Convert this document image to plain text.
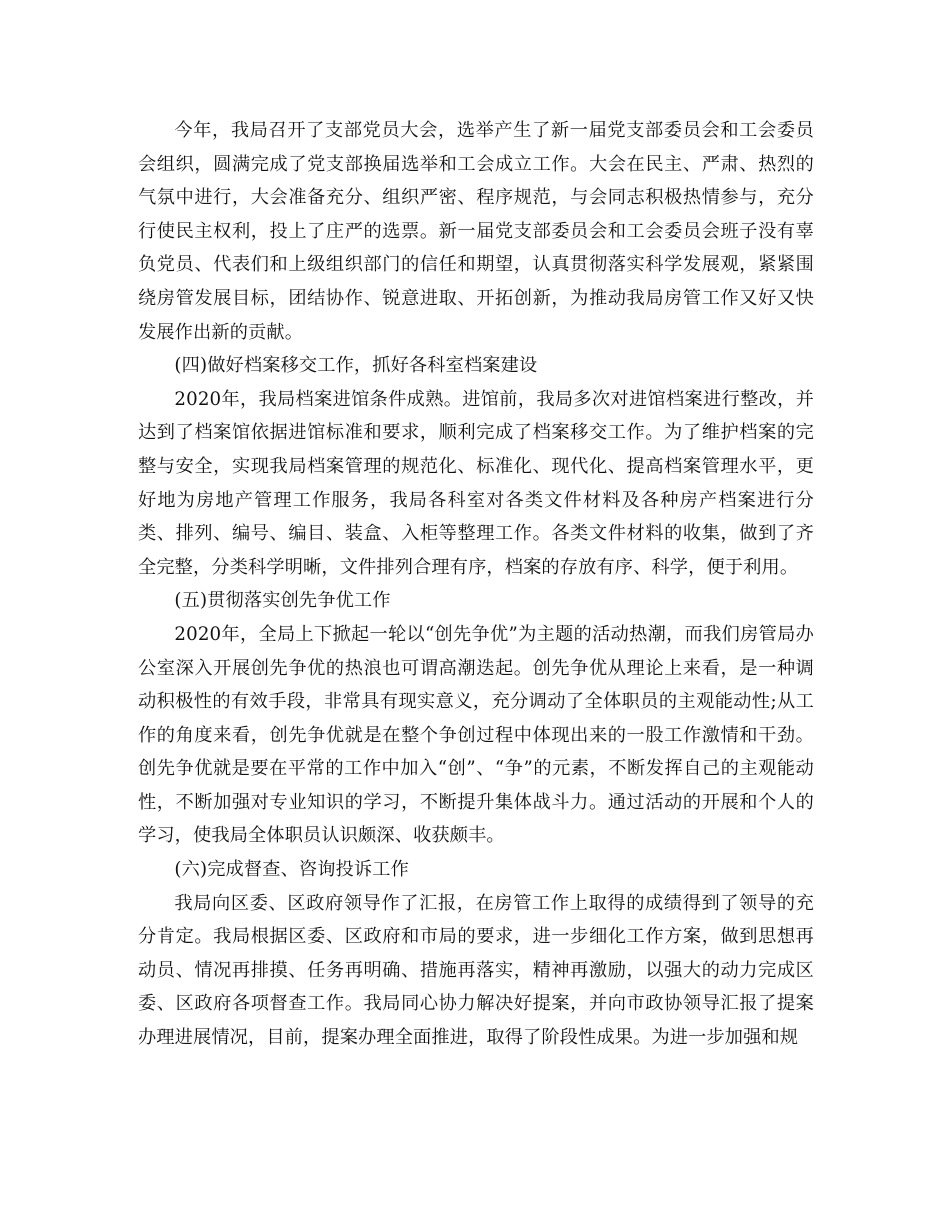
今年，我局召开了支部党员大会，选举产生了新一届党支部委员会和工会委员会组织，圆满完成了党支部换届选举和工会成立工作。大会在民主、严肃、热烈的气氛中进行，大会准备充分、组织严密、程序规范，与会同志积极热情参与，充分行使民主权利，投上了庄严的选票。新一届党支部委员会和工会委员会班子没有辜负党员、代表们和上级组织部门的信任和期望，认真贯彻落实科学发展观，紧紧围绕房管发展目标，团结协作、锐意进取、开拓创新，为推动我局房管工作又好又快发展作出新的贡献。

(四)做好档案移交工作，抓好各科室档案建设

2020年，我局档案进馆条件成熟。进馆前，我局多次对进馆档案进行整改，并达到了档案馆依据进馆标准和要求，顺利完成了档案移交工作。为了维护档案的完整与安全，实现我局档案管理的规范化、标准化、现代化、提高档案管理水平，更好地为房地产管理工作服务，我局各科室对各类文件材料及各种房产档案进行分类、排列、编号、编目、装盒、入柜等整理工作。各类文件材料的收集，做到了齐全完整，分类科学明晰，文件排列合理有序，档案的存放有序、科学，便于利用。

(五)贯彻落实创先争优工作

2020年，全局上下掀起一轮以“创先争优”为主题的活动热潮，而我们房管局办公室深入开展创先争优的热浪也可谓高潮迭起。创先争优从理论上来看，是一种调动积极性的有效手段，非常具有现实意义，充分调动了全体职员的主观能动性;从工作的角度来看，创先争优就是在整个争创过程中体现出来的一股工作激情和干劲。创先争优就是要在平常的工作中加入“创”、“争”的元素，不断发挥自己的主观能动性，不断加强对专业知识的学习，不断提升集体战斗力。通过活动的开展和个人的学习，使我局全体职员认识颇深、收获颇丰。

(六)完成督查、咨询投诉工作

我局向区委、区政府领导作了汇报，在房管工作上取得的成绩得到了领导的充分肯定。我局根据区委、区政府和市局的要求，进一步细化工作方案，做到思想再动员、情况再排摸、任务再明确、措施再落实，精神再激励，以强大的动力完成区委、区政府各项督查工作。我局同心协力解决好提案，并向市政协领导汇报了提案办理进展情况，目前，提案办理全面推进，取得了阶段性成果。为进一步加强和规
